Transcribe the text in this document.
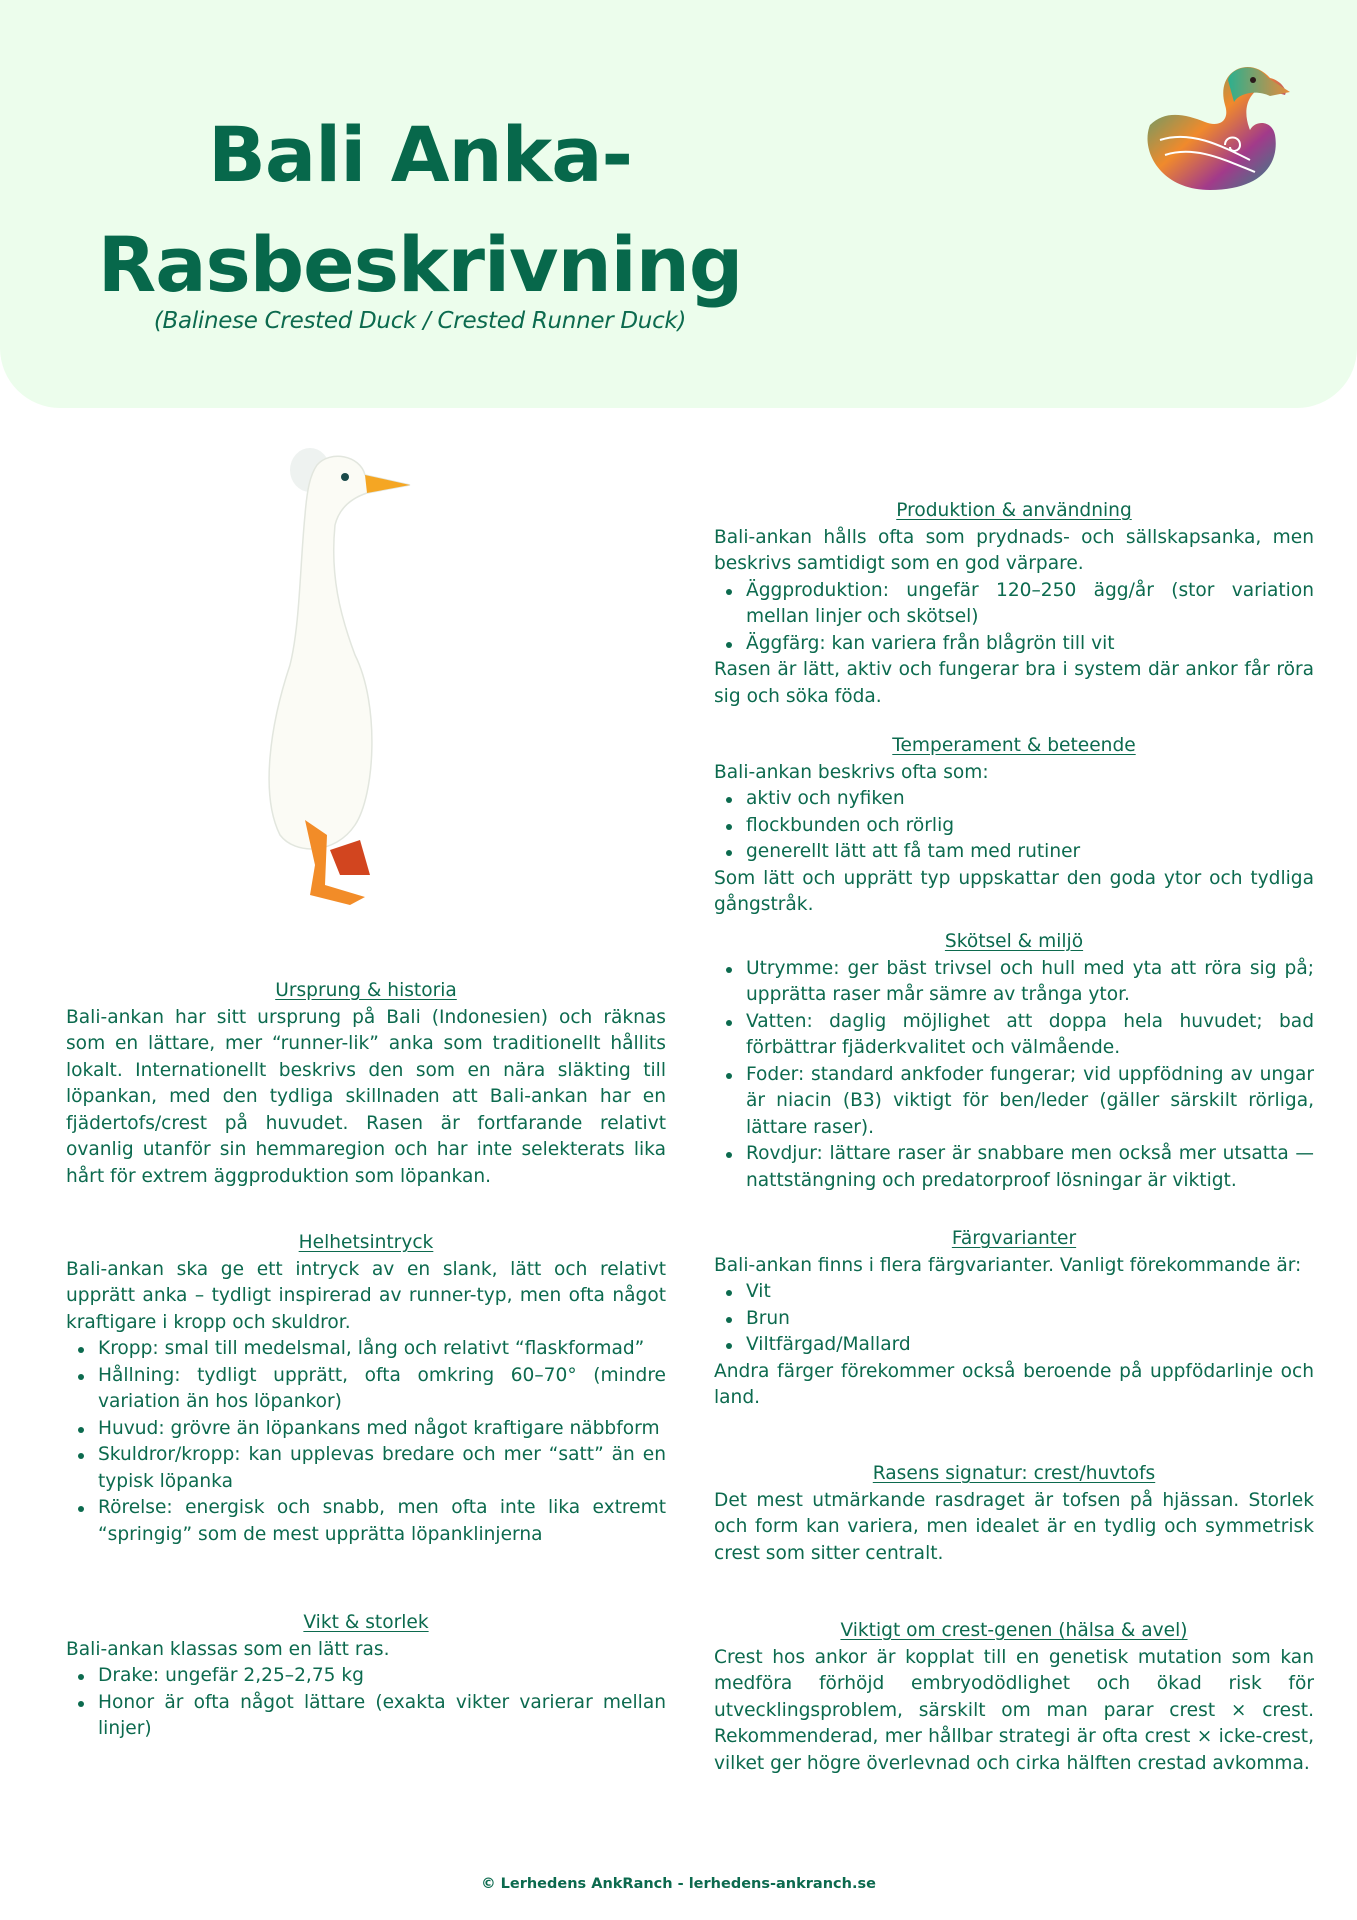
Bali Anka-
Rasbeskrivning
(Balinese Crested Duck / Crested Runner Duck)
Ursprung & historia

Bali-ankan har sitt ursprung på Bali (Indonesien) och räknas som en lättare, mer “runner-lik” anka som traditionellt hållits lokalt. Internationellt beskrivs den som en nära släkting till löpankan, med den tydliga skillnaden att Bali-ankan har en fjädertofs/crest på huvudet. Rasen är fortfarande relativt ovanlig utanför sin hemmaregion och har inte selekterats lika hårt för extrem äggproduktion som löpankan.

Helhetsintryck

Bali-ankan ska ge ett intryck av en slank, lätt och relativt upprätt anka – tydligt inspirerad av runner-typ, men ofta något kraftigare i kropp och skuldror.

Kropp: smal till medelsmal, lång och relativt “flaskformad”
Hållning: tydligt upprätt, ofta omkring 60–70° (mindre variation än hos löpankor)
Huvud: grövre än löpankans med något kraftigare näbbform
Skuldror/kropp: kan upplevas bredare och mer “satt” än en typisk löpanka
Rörelse: energisk och snabb, men ofta inte lika extremt “springig” som de mest upprätta löpanklinjerna
Vikt & storlek

Bali-ankan klassas som en lätt ras.

Drake: ungefär 2,25–2,75 kg
Honor är ofta något lättare (exakta vikter varierar mellan linjer)
Produktion & användning

Bali-ankan hålls ofta som prydnads- och sällskapsanka, men beskrivs samtidigt som en god värpare.

Äggproduktion: ungefär 120–250 ägg/år (stor variation mellan linjer och skötsel)
Äggfärg: kan variera från blågrön till vit

Rasen är lätt, aktiv och fungerar bra i system där ankor får röra sig och söka föda.

Temperament & beteende

Bali-ankan beskrivs ofta som:

aktiv och nyfiken
flockbunden och rörlig
generellt lätt att få tam med rutiner

Som lätt och upprätt typ uppskattar den goda ytor och tydliga gångstråk.

Skötsel & miljö
Utrymme: ger bäst trivsel och hull med yta att röra sig på; upprätta raser mår sämre av trånga ytor.
Vatten: daglig möjlighet att doppa hela huvudet; bad förbättrar fjäderkvalitet och välmående.
Foder: standard ankfoder fungerar; vid uppfödning av ungar är niacin (B3) viktigt för ben/leder (gäller särskilt rörliga, lättare raser).
Rovdjur: lättare raser är snabbare men också mer utsatta —nattstängning och predatorproof lösningar är viktigt.
Färgvarianter

Bali-ankan finns i flera färgvarianter. Vanligt förekommande är:

Vit
Brun
Viltfärgad/Mallard

Andra färger förekommer också beroende på uppfödarlinje och land.

Rasens signatur: crest/huvtofs

Det mest utmärkande rasdraget är tofsen på hjässan. Storlek och form kan variera, men idealet är en tydlig och symmetrisk crest som sitter centralt.

Viktigt om crest-genen (hälsa & avel)

Crest hos ankor är kopplat till en genetisk mutation som kan medföra förhöjd embryodödlighet och ökad risk för utvecklingsproblem, särskilt om man parar crest × crest. Rekommenderad, mer hållbar strategi är ofta crest × icke-crest, vilket ger högre överlevnad och cirka hälften crestad avkomma.

© Lerhedens AnkRanch - lerhedens-ankranch.se
